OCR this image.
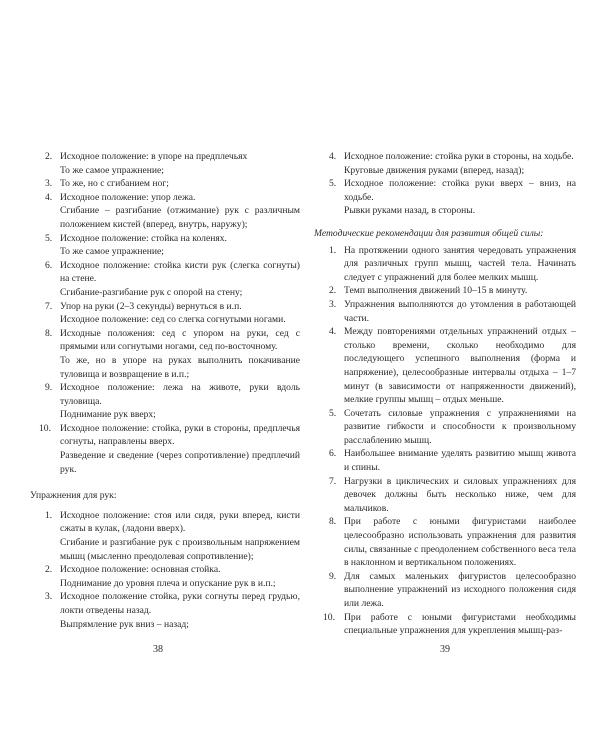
2. Исходное положение: в упоре на предплечьях
То же самое упражнение;
3. То же, но с сгибанием ног;
4. Исходное положение: упор лежа.
Сгибание – разгибание (отжимание) рук с различным положением кистей (вперед, внутрь, наружу);
5. Исходное положение: стойка на коленях.
То же самое упражнение;
6. Исходное положение: стойка кисти рук (слегка согнуты) на стене.
Сгибание-разгибание рук с опорой на стену;
7. Упор на руки (2–3 секунды) вернуться в и.п.
Исходное положение: сед со слегка согнутыми ногами.
8. Исходные положения: сед с упором на руки, сед с прямыми или согнутыми ногами, сед по-восточному.
То же, но в упоре на руках выполнить покачивание туловища и возвращение в и.п.;
9. Исходное положение: лежа на животе, руки вдоль туловища.
Поднимание рук вверх;
10. Исходное положение: стойка, руки в стороны, предплечья согнуты, направлены вверх.
Разведение и сведение (через сопротивление) предплечий рук.
Упражнения для рук:
1. Исходное положение: стоя или сидя, руки вперед, кисти сжаты в кулак, (ладони вверх).
Сгибание и разгибание рук с произвольным напряжением мышц (мысленно преодолевая сопротивление);
2. Исходное положение: основная стойка.
Поднимание до уровня плеча и опускание рук в и.п.;
3. Исходное положение стойка, руки согнуты перед грудью, локти отведены назад.
Выпрямление рук вниз – назад;
4. Исходное положение: стойка руки в стороны, на ходьбе.
Круговые движения руками (вперед, назад);
5. Исходное положение: стойка руки вверх – вниз, на ходьбе.
Рывки руками назад, в стороны.
Методические рекомендации для развития общей силы:
1. На протяжении одного занятия чередовать упражнения для различных групп мышц, частей тела. Начинать следует с упражнений для более мелких мышц.
2. Темп выполнения движений 10–15 в минуту.
3. Упражнения выполняются до утомления в работающей части.
4. Между повторениями отдельных упражнений отдых – столько времени, сколько необходимо для последующего успешного выполнения (форма и напряжение), целесообразные интервалы отдыха – 1–7 минут (в зависимости от напряженности движений), мелкие группы мышц – отдых меньше.
5. Сочетать силовые упражнения с упражнениями на развитие гибкости и способности к произвольному расслаблению мышц.
6. Наибольшее внимание уделять развитию мышц живота и спины.
7. Нагрузки в циклических и силовых упражнениях для девочек должны быть несколько ниже, чем для мальчиков.
8. При работе с юными фигуристами наиболее целесообразно использовать упражнения для развития силы, связанные с преодолением собственного веса тела в наклонном и вертикальном положениях.
9. Для самых маленьких фигуристов целесообразно выполнение упражнений из исходного положения сидя или лежа.
10. При работе с юными фигуристами необходимы специальные упражнения для укрепления мышц-раз-
38	39
